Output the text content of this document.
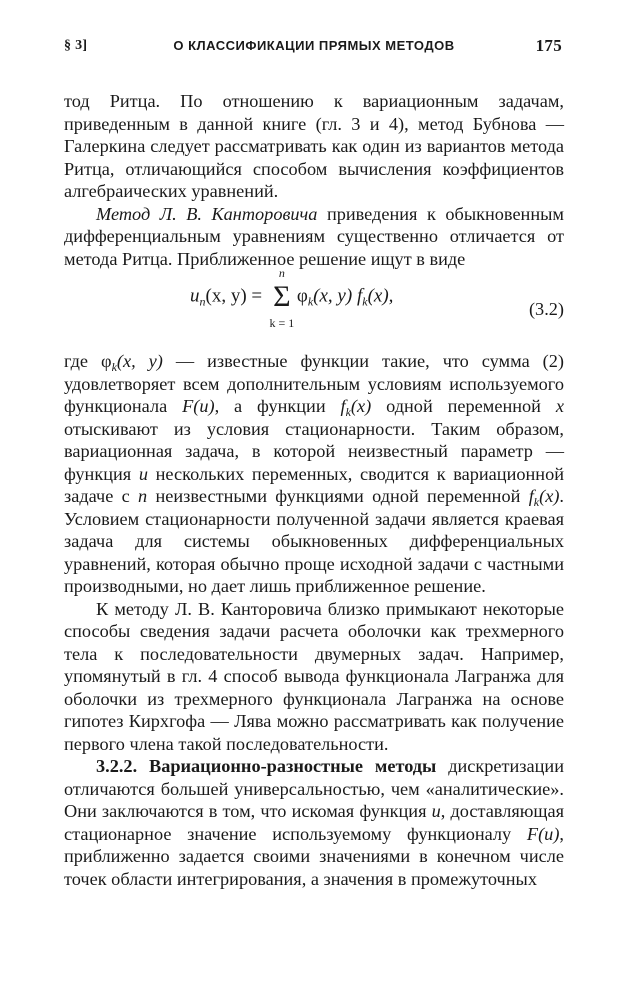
§ 3]	О КЛАССИФИКАЦИИ ПРЯМЫХ МЕТОДОВ	175

тод Ритца. По отношению к вариационным задачам, приведенным в данной книге (гл. 3 и 4), метод Бубнова — Галеркина следует рассматривать как один из вариантов метода Ритца, отличающийся способом вычисления коэффициентов алгебраических уравнений.

Метод Л. В. Канторовича приведения к обыкновенным дифференциальным уравнениям существенно отличается от метода Ритца. Приближенное решение ищут в виде

$u_n(x$, y) =
n
Σ
k = 1
$\varphi_k(x$, y) $f_k(x)$,
(3.2)

где $\varphi_k(x$, y) — известные функции такие, что сумма (2) удовлетворяет всем дополнительным условиям используемого функционала F(u), а функции $f_k(x)$ одной переменной x отыскивают из условия стационарности. Таким образом, вариационная задача, в которой неизвестный параметр — функция u нескольких переменных, сводится к вариационной задаче с n неизвестными функциями одной переменной $f_k(x)$. Условием стационарности полученной задачи является краевая задача для системы обыкновенных дифференциальных уравнений, которая обычно проще исходной задачи с частными производными, но дает лишь приближенное решение.

К методу Л. В. Канторовича близко примыкают некоторые способы сведения задачи расчета оболочки как трехмерного тела к последовательности двумерных задач. Например, упомянутый в гл. 4 способ вывода функционала Лагранжа для оболочки из трехмерного функционала Лагранжа на основе гипотез Кирхгофа — Лява можно рассматривать как получение первого члена такой последовательности.

3.2.2. Вариационно-разностные методы дискретизации отличаются большей универсальностью, чем «аналитические». Они заключаются в том, что искомая функция u, доставляющая стационарное значение используемому функционалу F(u), приближенно задается своими значениями в конечном числе точек области интегрирования, а значения в промежуточных
